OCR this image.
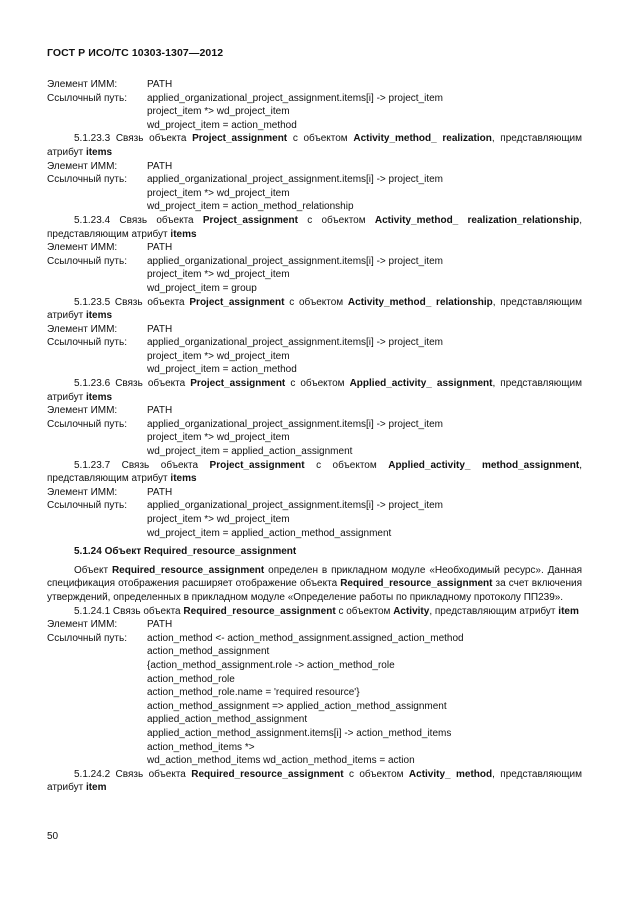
ГОСТ Р ИСО/ТС 10303-1307—2012
Элемент ИММ:	PATH
Ссылочный путь:	applied_organizational_project_assignment.items[i] -> project_item
project_item *> wd_project_item
wd_project_item = action_method
5.1.23.3 Связь объекта Project_assignment с объектом Activity_method_ realization, представляющим атрибут items
Элемент ИММ:	PATH
Ссылочный путь:	applied_organizational_project_assignment.items[i] -> project_item
project_item *> wd_project_item
wd_project_item = action_method_relationship
5.1.23.4 Связь объекта Project_assignment с объектом Activity_method_ realization_relationship, представляющим атрибут items
Элемент ИММ:	PATH
Ссылочный путь:	applied_organizational_project_assignment.items[i] -> project_item
project_item *> wd_project_item
wd_project_item = group
5.1.23.5 Связь объекта Project_assignment с объектом Activity_method_ relationship, представляющим атрибут items
Элемент ИММ:	PATH
Ссылочный путь:	applied_organizational_project_assignment.items[i] -> project_item
project_item *> wd_project_item
wd_project_item = action_method
5.1.23.6 Связь объекта Project_assignment с объектом Applied_activity_ assignment, представляющим атрибут items
Элемент ИММ:	PATH
Ссылочный путь:	applied_organizational_project_assignment.items[i] -> project_item
project_item *> wd_project_item
wd_project_item = applied_action_assignment
5.1.23.7 Связь объекта Project_assignment с объектом Applied_activity_ method_assignment, представляющим атрибут items
Элемент ИММ:	PATH
Ссылочный путь:	applied_organizational_project_assignment.items[i] -> project_item
project_item *> wd_project_item
wd_project_item = applied_action_method_assignment
5.1.24 Объект Required_resource_assignment
Объект Required_resource_assignment определен в прикладном модуле «Необходимый ресурс». Данная спецификация отображения расширяет отображение объекта Required_resource_assignment за счет включения утверждений, определенных в прикладном модуле «Определение работы по прикладному протоколу ПП239».
5.1.24.1 Связь объекта Required_resource_assignment с объектом Activity, представляющим атрибут item
Элемент ИММ:	PATH
Ссылочный путь:	action_method <- action_method_assignment.assigned_action_method
action_method_assignment
{action_method_assignment.role -> action_method_role
action_method_role
action_method_role.name = 'required resource'}
action_method_assignment => applied_action_method_assignment
applied_action_method_assignment
applied_action_method_assignment.items[i] -> action_method_items
action_method_items *>
wd_action_method_items wd_action_method_items = action
5.1.24.2 Связь объекта Required_resource_assignment с объектом Activity_ method, представляющим атрибут item
50
